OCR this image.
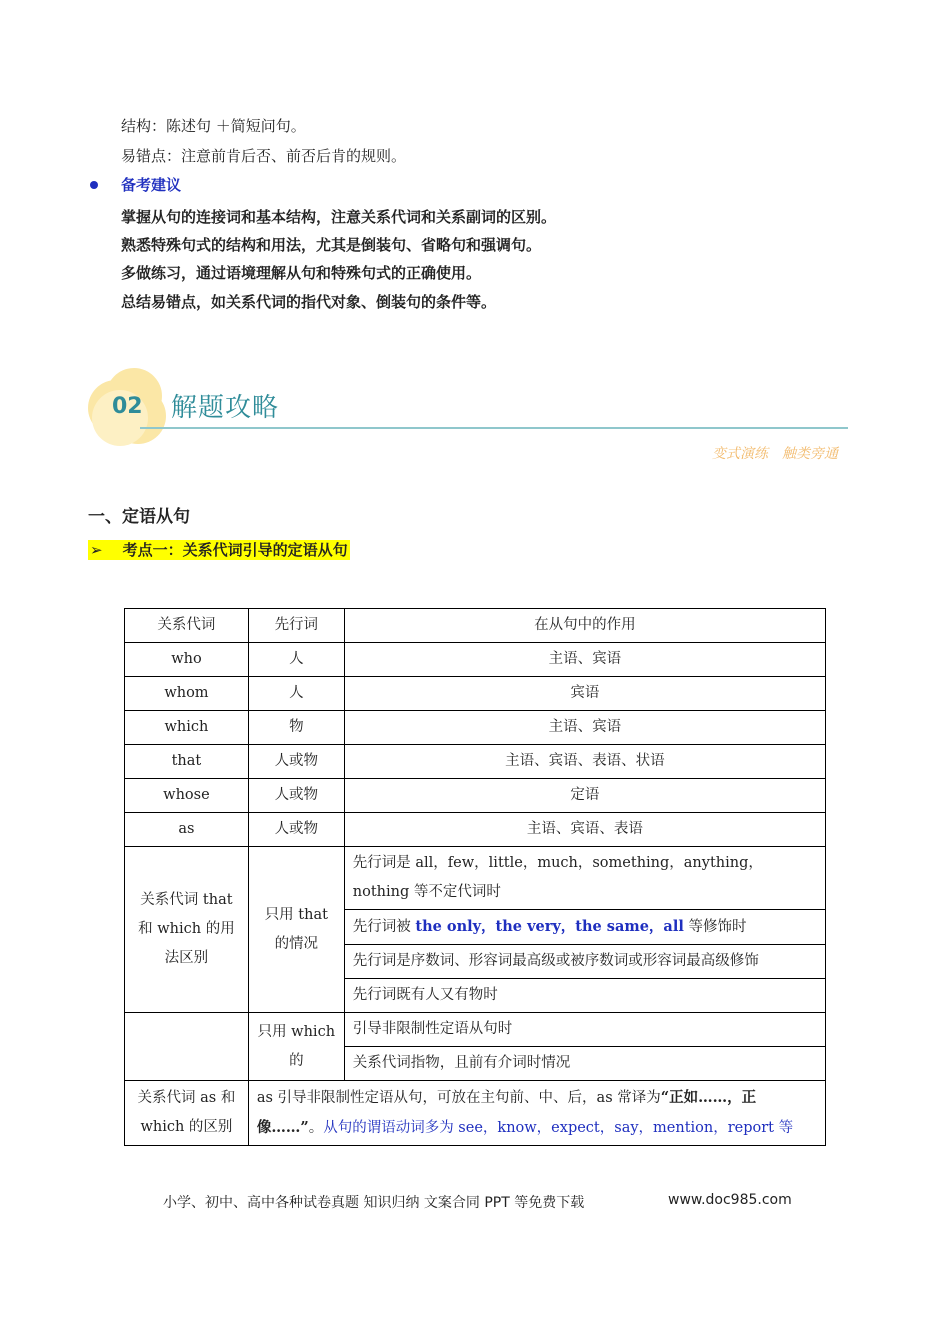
结构：陈述句 ＋简短问句。
易错点：注意前肯后否、前否后肯的规则。
备考建议
掌握从句的连接词和基本结构，注意关系代词和关系副词的区别。
熟悉特殊句式的结构和用法，尤其是倒装句、省略句和强调句。
多做练习，通过语境理解从句和特殊句式的正确使用。
总结易错点，如关系代词的指代对象、倒装句的条件等。
02 解题攻略
变式演练　触类旁通
一、定语从句
➢ 考点一：关系代词引导的定语从句
关系代词	先行词	在从句中的作用
who	人	主语、宾语
whom	人	宾语
which	物	主语、宾语
that	人或物	主语、宾语、表语、状语
whose	人或物	定语
as	人或物	主语、宾语、表语
关系代词 that 和 which 的用法区别	只用 that 的情况	先行词是 all，few，little，much，something，anything，nothing 等不定代词时
		先行词被 the only，the very，the same，all 等修饰时
		先行词是序数词、形容词最高级或被序数词或形容词最高级修饰
		先行词既有人又有物时
	只用 which 的	引导非限制性定语从句时
		关系代词指物，且前有介词时情况
关系代词 as 和 which 的区别	as 引导非限制性定语从句，可放在主句前、中、后，as 常译为“正如……，正像……”。从句的谓语动词多为 see，know，expect，say，mention，report 等	
小学、初中、高中各种试卷真题 知识归纳 文案合同 PPT 等免费下载	www.doc985.com
